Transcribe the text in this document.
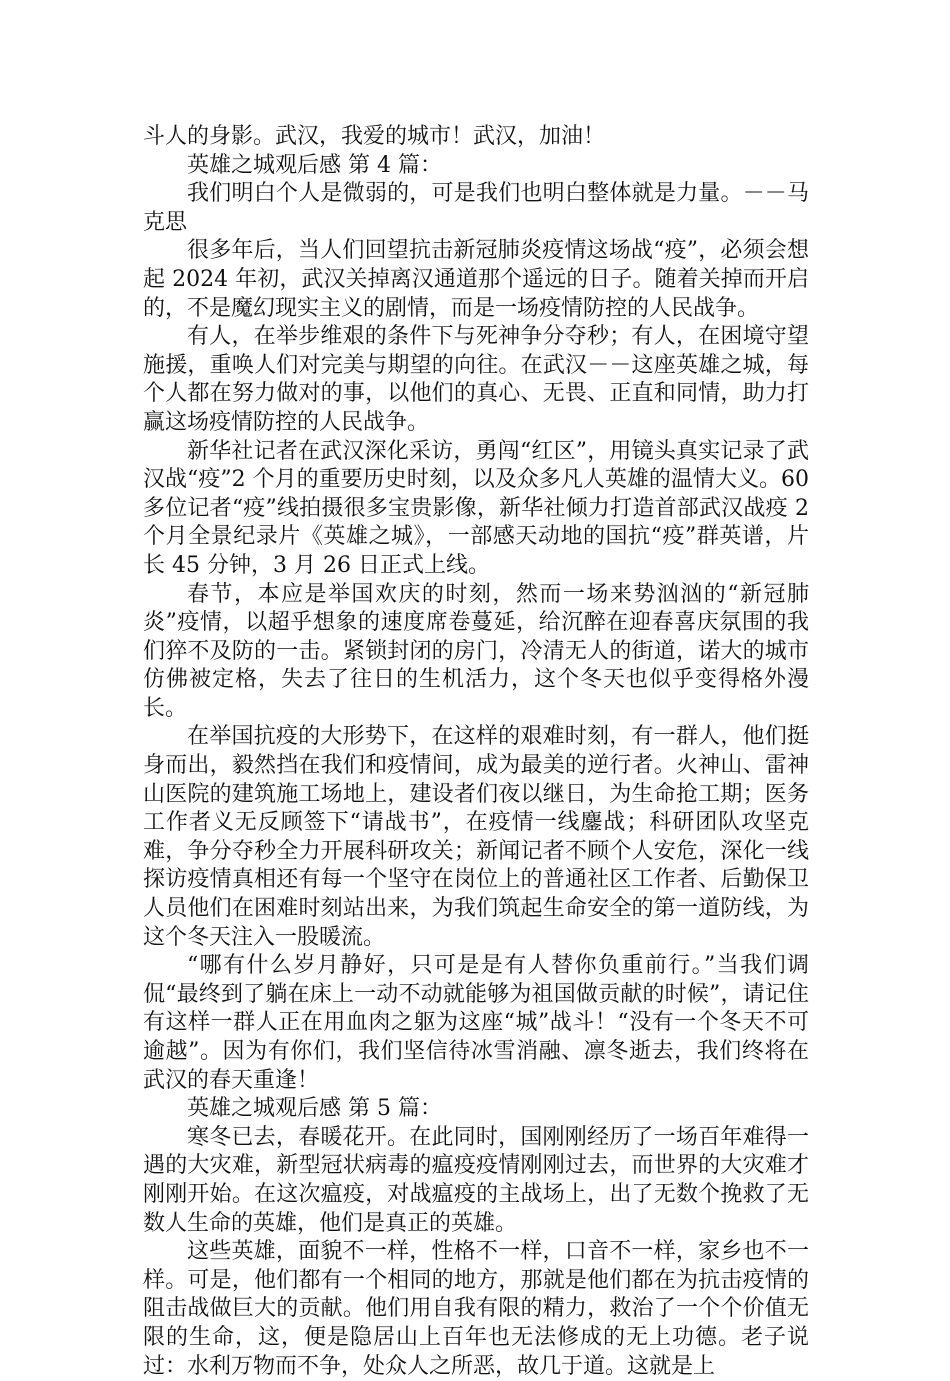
斗人的身影。武汉，我爱的城市！武汉，加油！

英雄之城观后感 第 4 篇：

我们明白个人是微弱的，可是我们也明白整体就是力量。－－马克思

很多年后，当人们回望抗击新冠肺炎疫情这场战“疫”，必须会想起 2024 年初，武汉关掉离汉通道那个遥远的日子。随着关掉而开启的，不是魔幻现实主义的剧情，而是一场疫情防控的人民战争。

有人，在举步维艰的条件下与死神争分夺秒；有人，在困境守望施援，重唤人们对完美与期望的向往。在武汉－－这座英雄之城，每个人都在努力做对的事，以他们的真心、无畏、正直和同情，助力打赢这场疫情防控的人民战争。

新华社记者在武汉深化采访，勇闯“红区”，用镜头真实记录了武汉战“疫”2 个月的重要历史时刻，以及众多凡人英雄的温情大义。60 多位记者“疫”线拍摄很多宝贵影像，新华社倾力打造首部武汉战疫 2 个月全景纪录片《英雄之城》，一部感天动地的国抗“疫”群英谱，片长 45 分钟，3 月 26 日正式上线。

春节，本应是举国欢庆的时刻，然而一场来势汹汹的“新冠肺炎”疫情，以超乎想象的速度席卷蔓延，给沉醉在迎春喜庆氛围的我们猝不及防的一击。紧锁封闭的房门，冷清无人的街道，诺大的城市仿佛被定格，失去了往日的生机活力，这个冬天也似乎变得格外漫长。

在举国抗疫的大形势下，在这样的艰难时刻，有一群人，他们挺身而出，毅然挡在我们和疫情间，成为最美的逆行者。火神山、雷神山医院的建筑施工场地上，建设者们夜以继日，为生命抢工期；医务工作者义无反顾签下“请战书”，在疫情一线鏖战；科研团队攻坚克难，争分夺秒全力开展科研攻关；新闻记者不顾个人安危，深化一线探访疫情真相还有每一个坚守在岗位上的普通社区工作者、后勤保卫人员他们在困难时刻站出来，为我们筑起生命安全的第一道防线，为这个冬天注入一股暖流。

“哪有什么岁月静好，只可是是有人替你负重前行。”当我们调侃“最终到了躺在床上一动不动就能够为祖国做贡献的时候”，请记住有这样一群人正在用血肉之躯为这座“城”战斗！“没有一个冬天不可逾越”。因为有你们，我们坚信待冰雪消融、凛冬逝去，我们终将在武汉的春天重逢！

英雄之城观后感 第 5 篇：

寒冬已去，春暖花开。在此同时，国刚刚经历了一场百年难得一遇的大灾难，新型冠状病毒的瘟疫疫情刚刚过去，而世界的大灾难才刚刚开始。在这次瘟疫，对战瘟疫的主战场上，出了无数个挽救了无数人生命的英雄，他们是真正的英雄。

这些英雄，面貌不一样，性格不一样，口音不一样，家乡也不一样。可是，他们都有一个相同的地方，那就是他们都在为抗击疫情的阻击战做巨大的贡献。他们用自我有限的精力，救治了一个个价值无限的生命，这，便是隐居山上百年也无法修成的无上功德。老子说过：水利万物而不争，处众人之所恶，故几于道。这就是上
